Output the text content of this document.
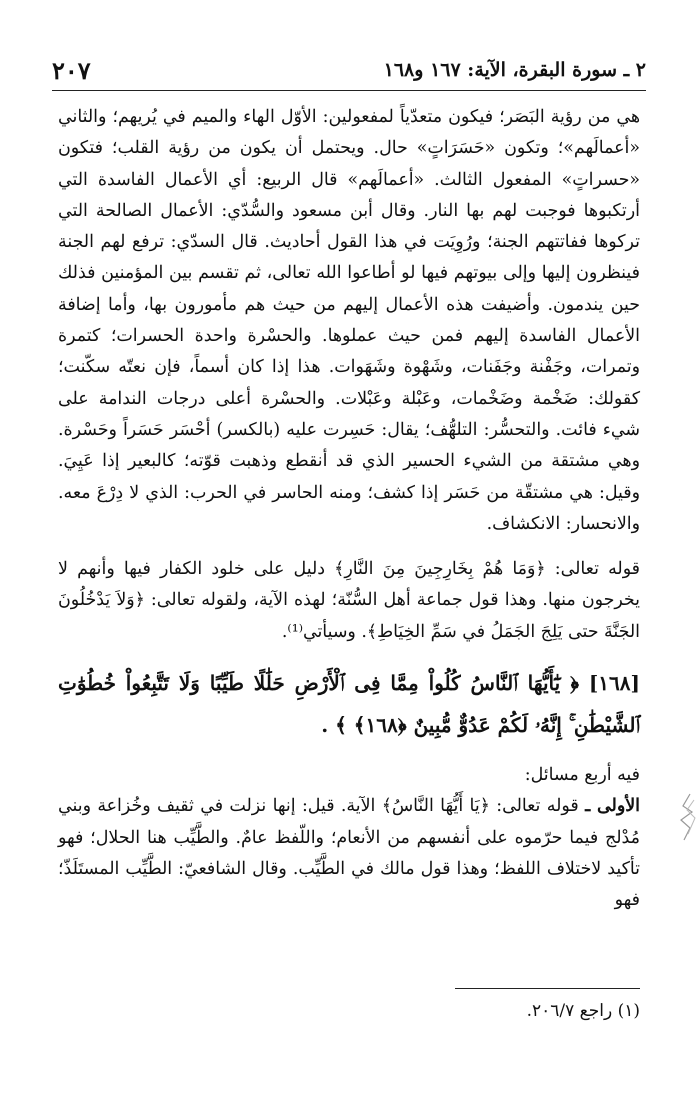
٢ ـ سورة البقرة، الآية: ١٦٧ و١٦٨
٢٠٧

هي من رؤية البَصَر؛ فيكون متعدّياً لمفعولين: الأوّل الهاء والميم في يُريهم؛ والثاني «أعمالَهم»؛ وتكون «حَسَرَاتٍ» حال. ويحتمل أن يكون من رؤية القلب؛ فتكون «حسراتٍ» المفعول الثالث. «أعمالَهم» قال الربيع: أي الأعمال الفاسدة التي أرتكبوها فوجبت لهم بها النار. وقال أبن مسعود والسُّدّي: الأعمال الصالحة التي تركوها ففاتتهم الجنة؛ ورُوِيَت في هذا القول أحاديث. قال السدّي: ترفع لهم الجنة فينظرون إليها وإلى بيوتهم فيها لو أطاعوا الله تعالى، ثم تقسم بين المؤمنين فذلك حين يندمون. وأضيفت هذه الأعمال إليهم من حيث هم مأمورون بها، وأما إضافة الأعمال الفاسدة إليهم فمن حيث عملوها. والحسْرة واحدة الحسرات؛ كتمرة وتمرات، وجَفْنة وجَفَنات، وشَهْوة وشَهَوات. هذا إذا كان أسماً، فإن نعتّه سكّنت؛ كقولك: ضَخْمة وضَخْمات، وعَبْلة وعَبْلات. والحسْرة أعلى درجات الندامة على شيء فائت. والتحسُّر: التلهُّف؛ يقال: حَسِرت عليه (بالكسر) أحْسَر حَسَراً وحَسْرة. وهي مشتقة من الشيء الحسير الذي قد أنقطع وذهبت قوّته؛ كالبعير إذا عَيِيَ. وقيل: هي مشتقّة من حَسَر إذا كشف؛ ومنه الحاسر في الحرب: الذي لا دِرْعَ معه. والانحسار: الانكشاف.

قوله تعالى: ﴿وَمَا هُمْ بِخَارِجِينَ مِنَ النَّارِ﴾ دليل على خلود الكفار فيها وأنهم لا يخرجون منها. وهذا قول جماعة أهل السُّنّة؛ لهذه الآية، ولقوله تعالى: ﴿وَلاَ يَدْخُلُونَ الجَنَّةَ حتى يَلِجَ الجَمَلُ في سَمِّ الخِيَاطِ﴾. وسيأتي⁽¹⁾.

[١٦٨] ﴿ يَٰٓأَيُّهَا ٱلنَّاسُ كُلُواْ مِمَّا فِى ٱلْأَرْضِ حَلَٰلًا طَيِّبًا وَلَا تَتَّبِعُواْ خُطُوَٰتِ ٱلشَّيْطَٰنِ ۚ إِنَّهُۥ لَكُمْ عَدُوٌّ مُّبِينٌ ﴿١٦٨﴾ ﴾ .

فيه أربع مسائل:

الأولى ـ قوله تعالى: ﴿يَا أَيُّهَا النَّاسُ﴾ الآية. قيل: إنها نزلت في ثقيف وخُزاعة وبني مُدْلج فيما حرّموه على أنفسهم من الأنعام؛ واللّفظ عامٌ. والطَّيِّب هنا الحلال؛ فهو تأكيد لاختلاف اللفظ؛ وهذا قول مالك في الطَّيِّب. وقال الشافعيّ: الطَّيِّب المستَلَذّ؛ فهو

(١) راجع ٢٠٦/٧.
